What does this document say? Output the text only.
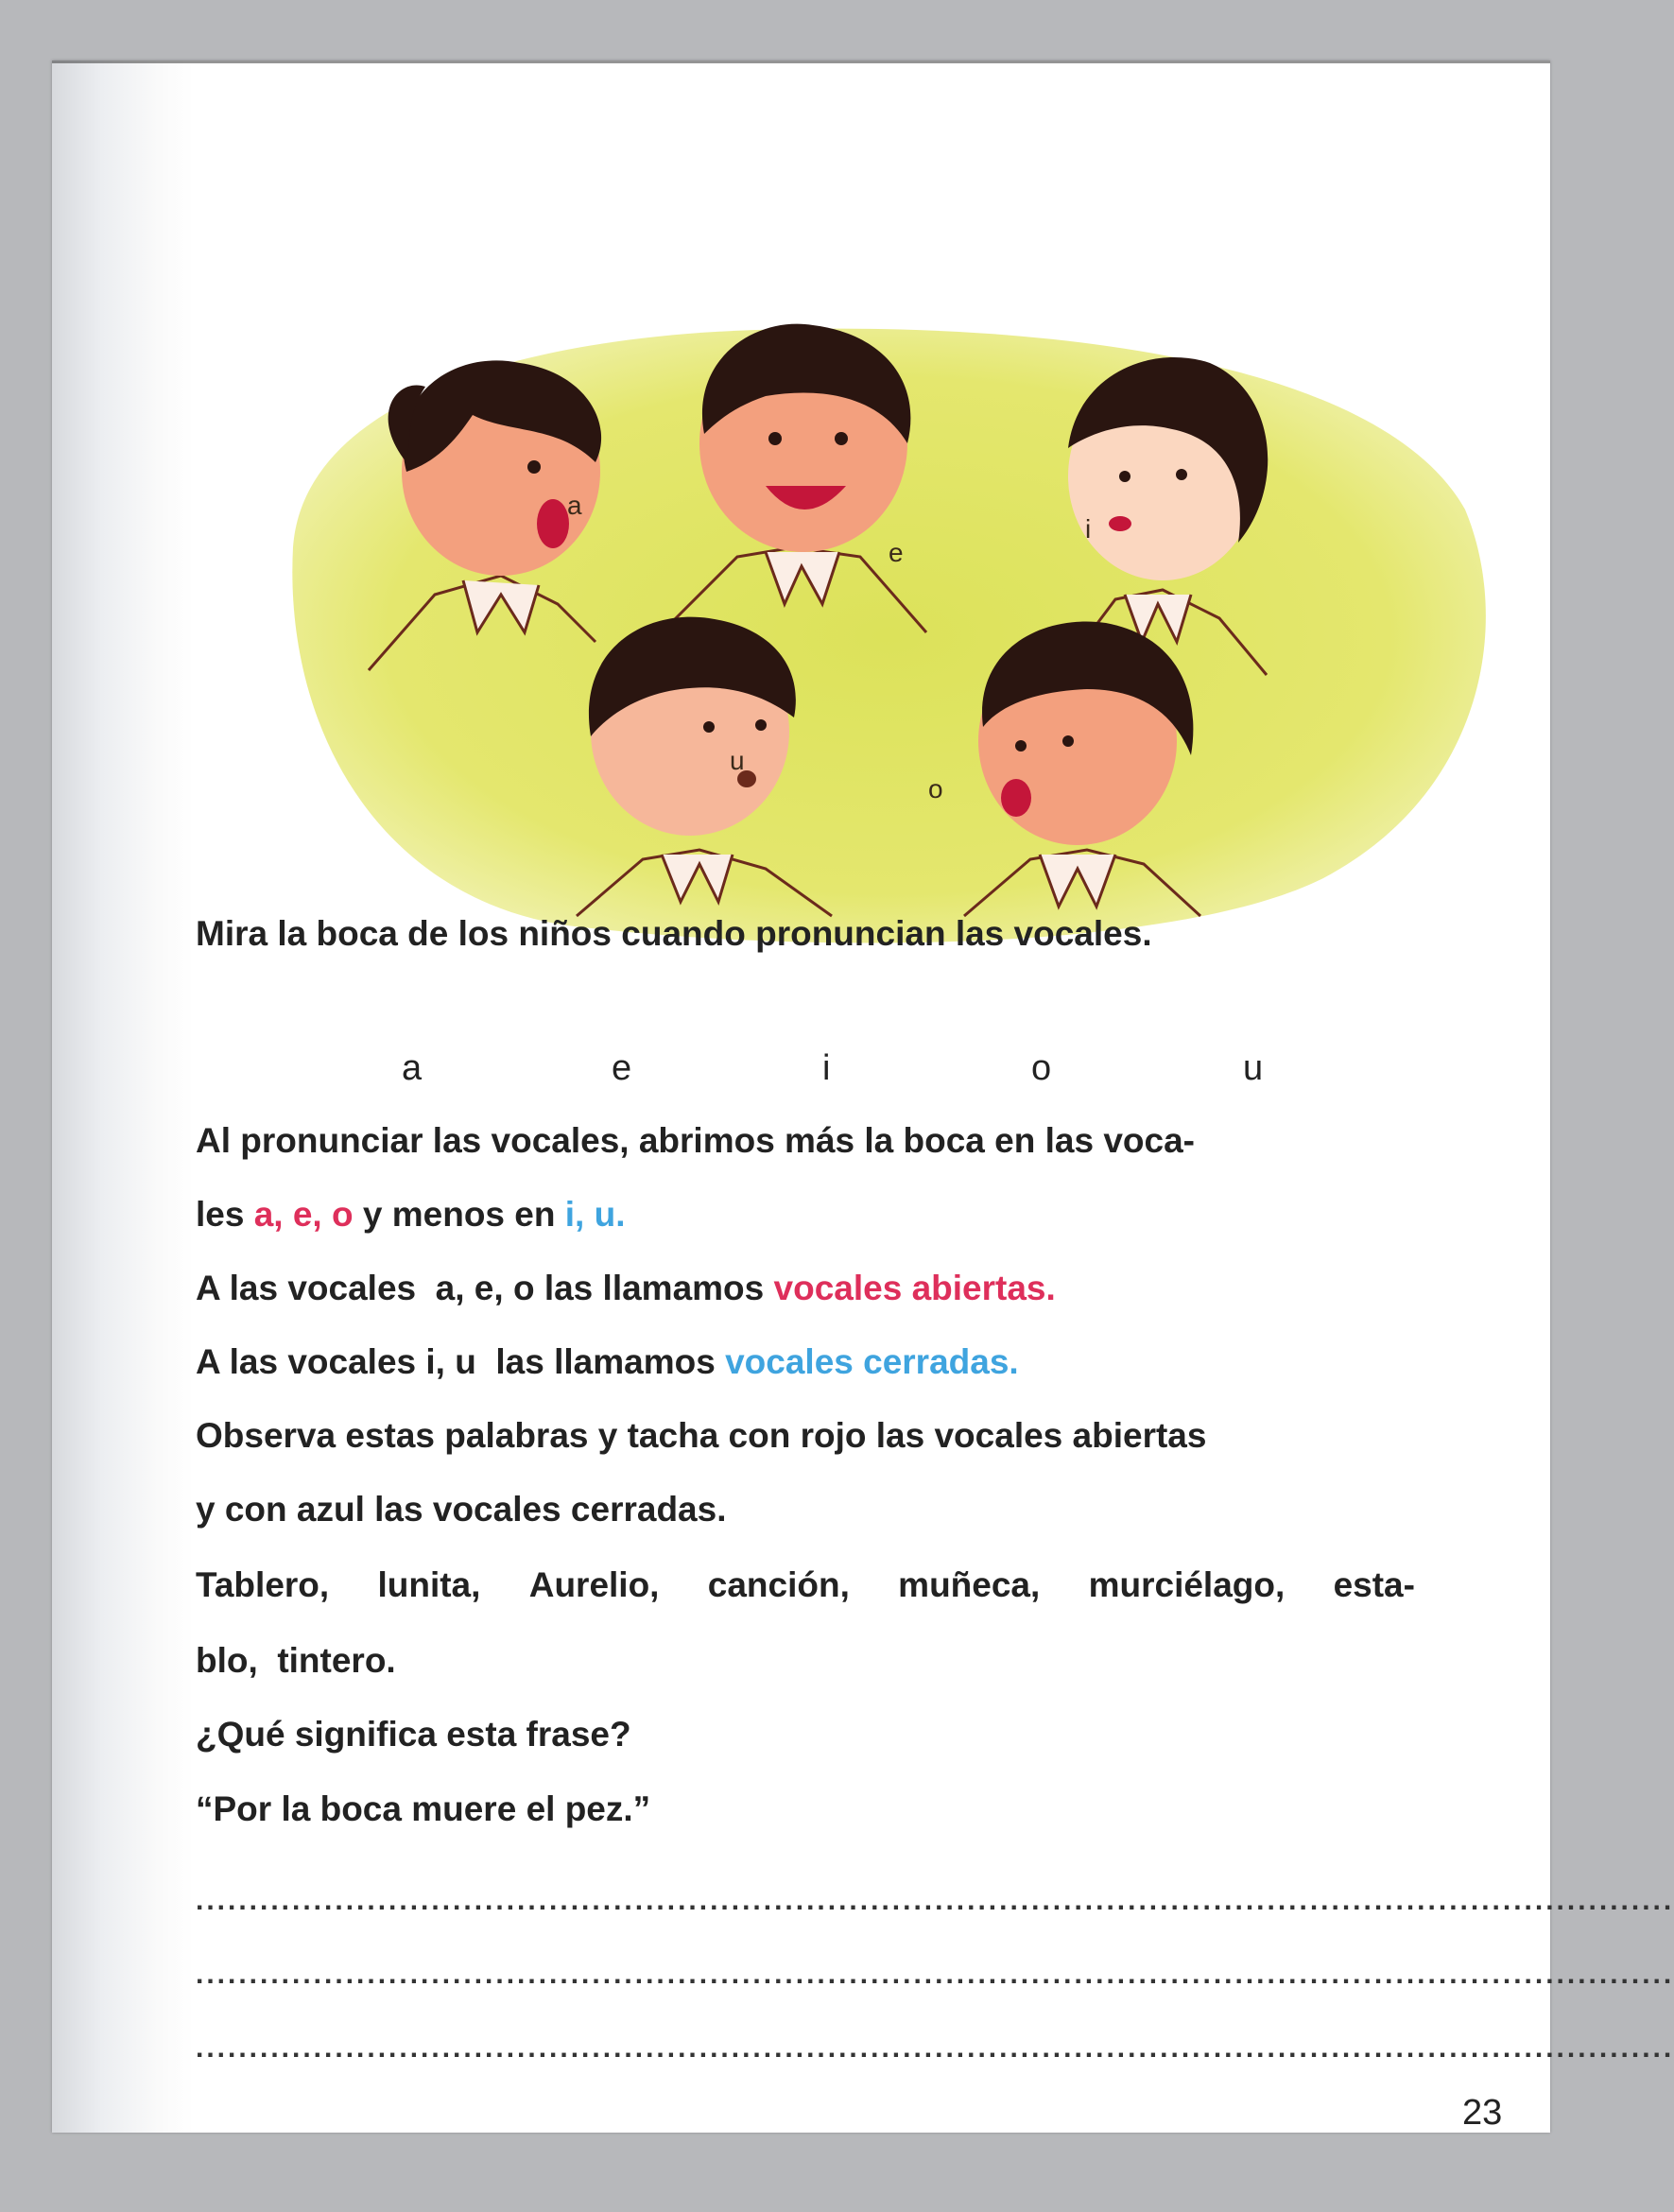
a
e
i
u
o
Mira la boca de los niños cuando pronuncian las vocales.
a	e	i	o	u
Al pronunciar las vocales, abrimos más la boca en las voca-
les a, e, o y menos en i, u.
A las vocales  a, e, o las llamamos vocales abiertas.
A las vocales i, u  las llamamos vocales cerradas.
Observa estas palabras y tacha con rojo las vocales abiertas
y con azul las vocales cerradas.
Tablero, lunita, Aurelio, canción, muñeca, murciélago, esta-
blo,  tintero.
¿Qué significa esta frase?
“Por la boca muere el pez.”
..........................................................................................................................................
..........................................................................................................................................
..........................................................................................................................................
23
